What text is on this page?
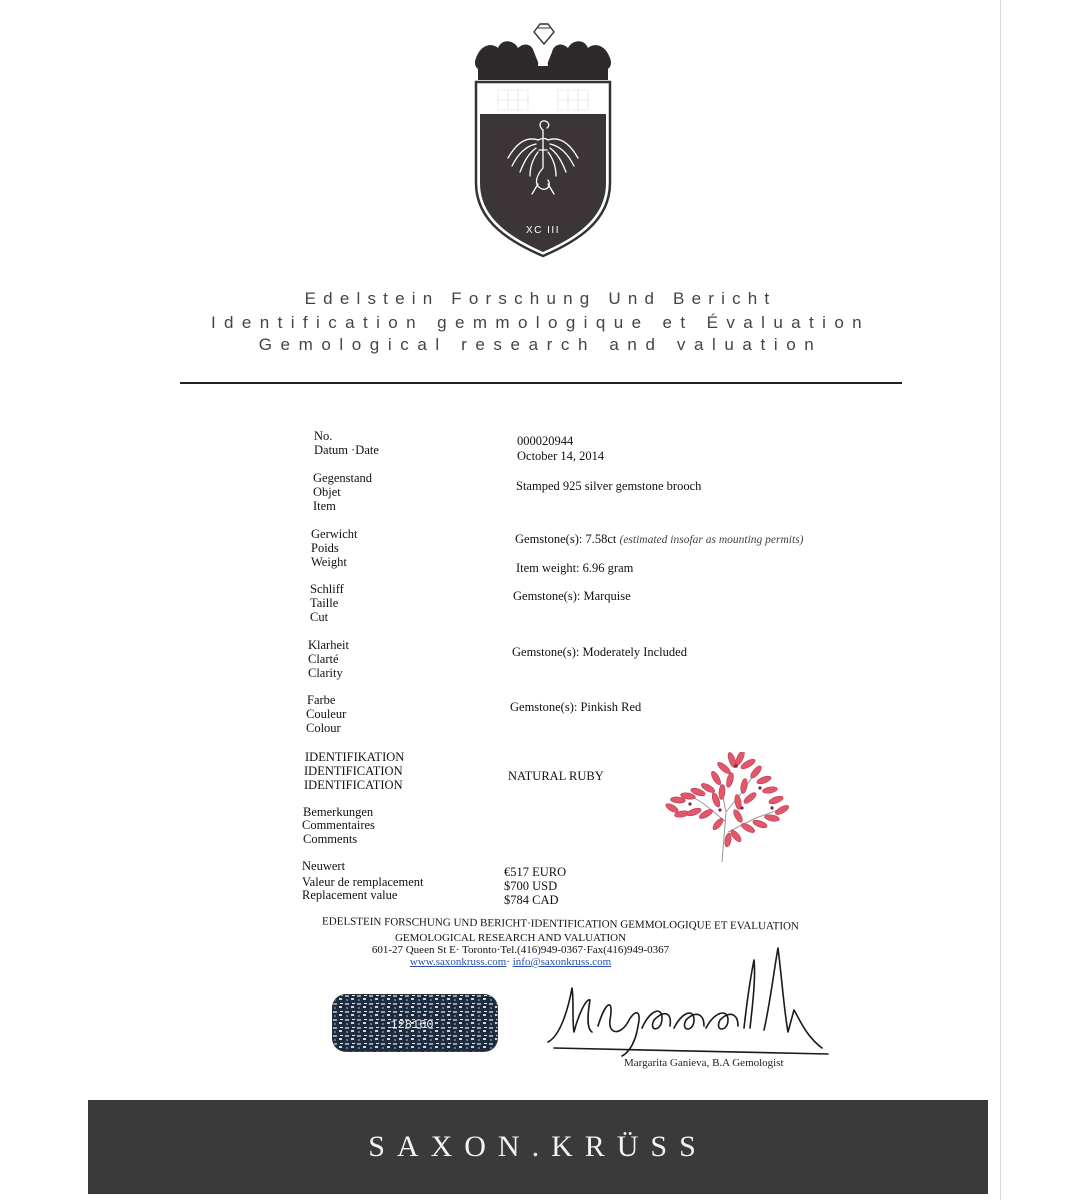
XC III
Edelstein Forschung Und Bericht
Identification gemmologique et Évaluation
Gemological research and valuation
No.
Datum ·Date
000020944
October 14, 2014
Gegenstand
Objet
Item
Stamped 925 silver gemstone brooch
Gerwicht
Poids
Weight
Gemstone(s): 7.58ct (estimated insofar as mounting permits)
Item weight: 6.96 gram
Schliff
Taille
Cut
Gemstone(s): Marquise
Klarheit
Clarté
Clarity
Gemstone(s): Moderately Included
Farbe
Couleur
Colour
Gemstone(s): Pinkish Red
IDENTIFIKATION
IDENTIFICATION
IDENTIFICATION
NATURAL RUBY
Bemerkungen
Commentaires
Comments
Neuwert
Valeur de remplacement
Replacement value
€517 EURO
$700 USD
$784 CAD
EDELSTEIN FORSCHUNG UND BERICHT·IDENTIFICATION GEMMOLOGIQUE ET EVALUATION
GEMOLOGICAL RESEARCH AND VALUATION
601-27 Queen St E· Toronto·Tel.(416)949-0367·Fax(416)949-0367
www.saxonkruss.com· info@saxonkruss.com
128160
Margarita Ganieva, B.A Gemologist
SAXON.KRÜSS
